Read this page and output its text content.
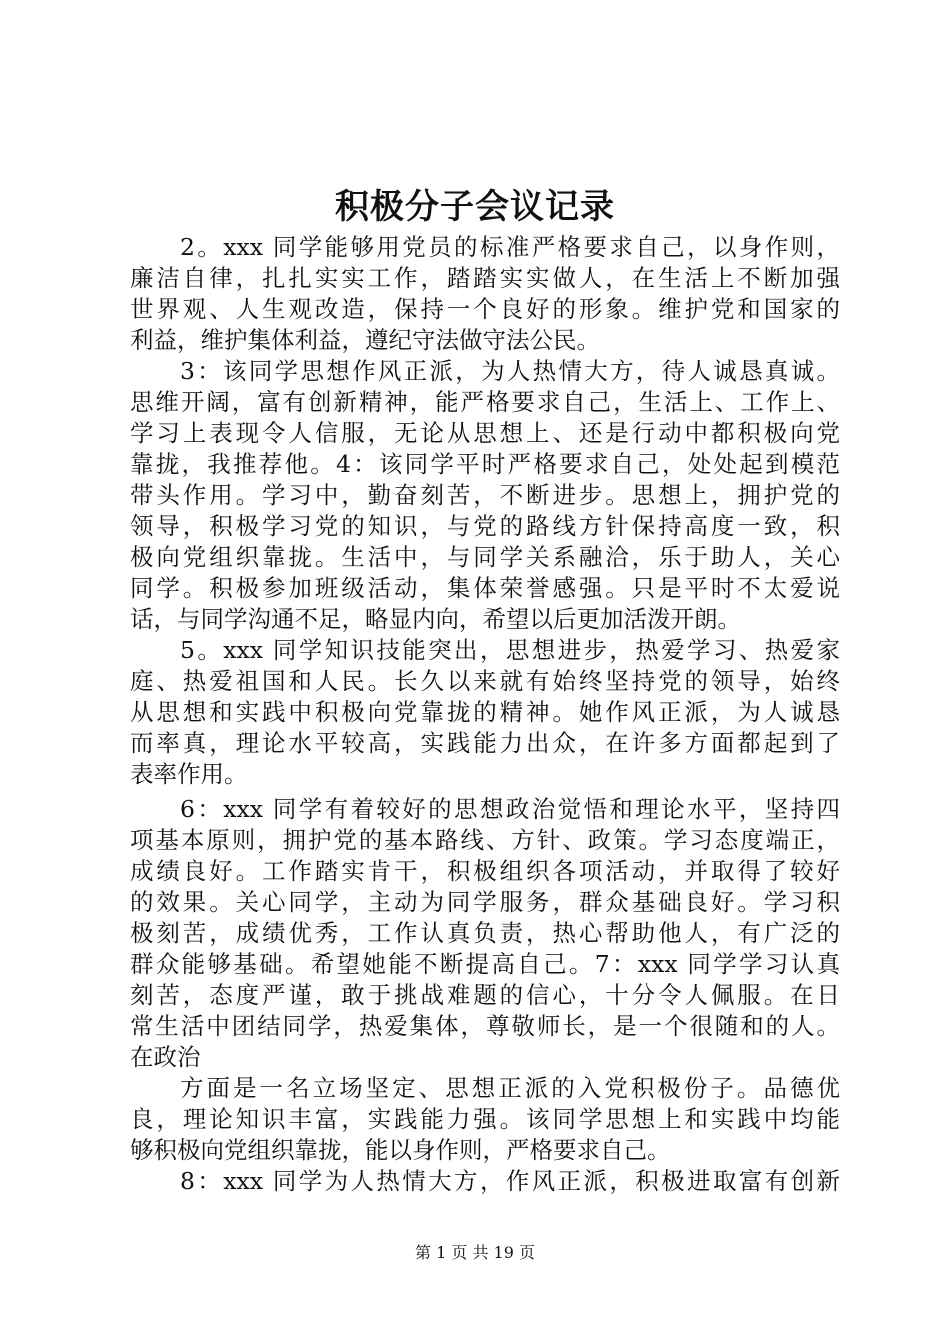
积极分子会议记录
2。xxx 同学能够用党员的标准严格要求自己，以身作则，
廉洁自律，扎扎实实工作，踏踏实实做人，在生活上不断加强
世界观、人生观改造，保持一个良好的形象。维护党和国家的
利益，维护集体利益，遵纪守法做守法公民。
3：该同学思想作风正派，为人热情大方，待人诚恳真诚。
思维开阔，富有创新精神，能严格要求自己，生活上、工作上、
学习上表现令人信服，无论从思想上、还是行动中都积极向党
靠拢，我推荐他。4：该同学平时严格要求自己，处处起到模范
带头作用。学习中，勤奋刻苦，不断进步。思想上，拥护党的
领导，积极学习党的知识，与党的路线方针保持高度一致，积
极向党组织靠拢。生活中，与同学关系融洽，乐于助人，关心
同学。积极参加班级活动，集体荣誉感强。只是平时不太爱说
话，与同学沟通不足，略显内向，希望以后更加活泼开朗。
5。xxx 同学知识技能突出，思想进步，热爱学习、热爱家
庭、热爱祖国和人民。长久以来就有始终坚持党的领导，始终
从思想和实践中积极向党靠拢的精神。她作风正派，为人诚恳
而率真，理论水平较高，实践能力出众，在许多方面都起到了
表率作用。
6：xxx 同学有着较好的思想政治觉悟和理论水平，坚持四
项基本原则，拥护党的基本路线、方针、政策。学习态度端正，
成绩良好。工作踏实肯干，积极组织各项活动，并取得了较好
的效果。关心同学，主动为同学服务，群众基础良好。学习积
极刻苦，成绩优秀，工作认真负责，热心帮助他人，有广泛的
群众能够基础。希望她能不断提高自己。7：xxx 同学学习认真
刻苦，态度严谨，敢于挑战难题的信心，十分令人佩服。在日
常生活中团结同学，热爱集体，尊敬师长，是一个很随和的人。
在政治
方面是一名立场坚定、思想正派的入党积极份子。品德优
良，理论知识丰富，实践能力强。该同学思想上和实践中均能
够积极向党组织靠拢，能以身作则，严格要求自己。
8：xxx 同学为人热情大方，作风正派，积极进取富有创新
第 1 页 共 19 页
